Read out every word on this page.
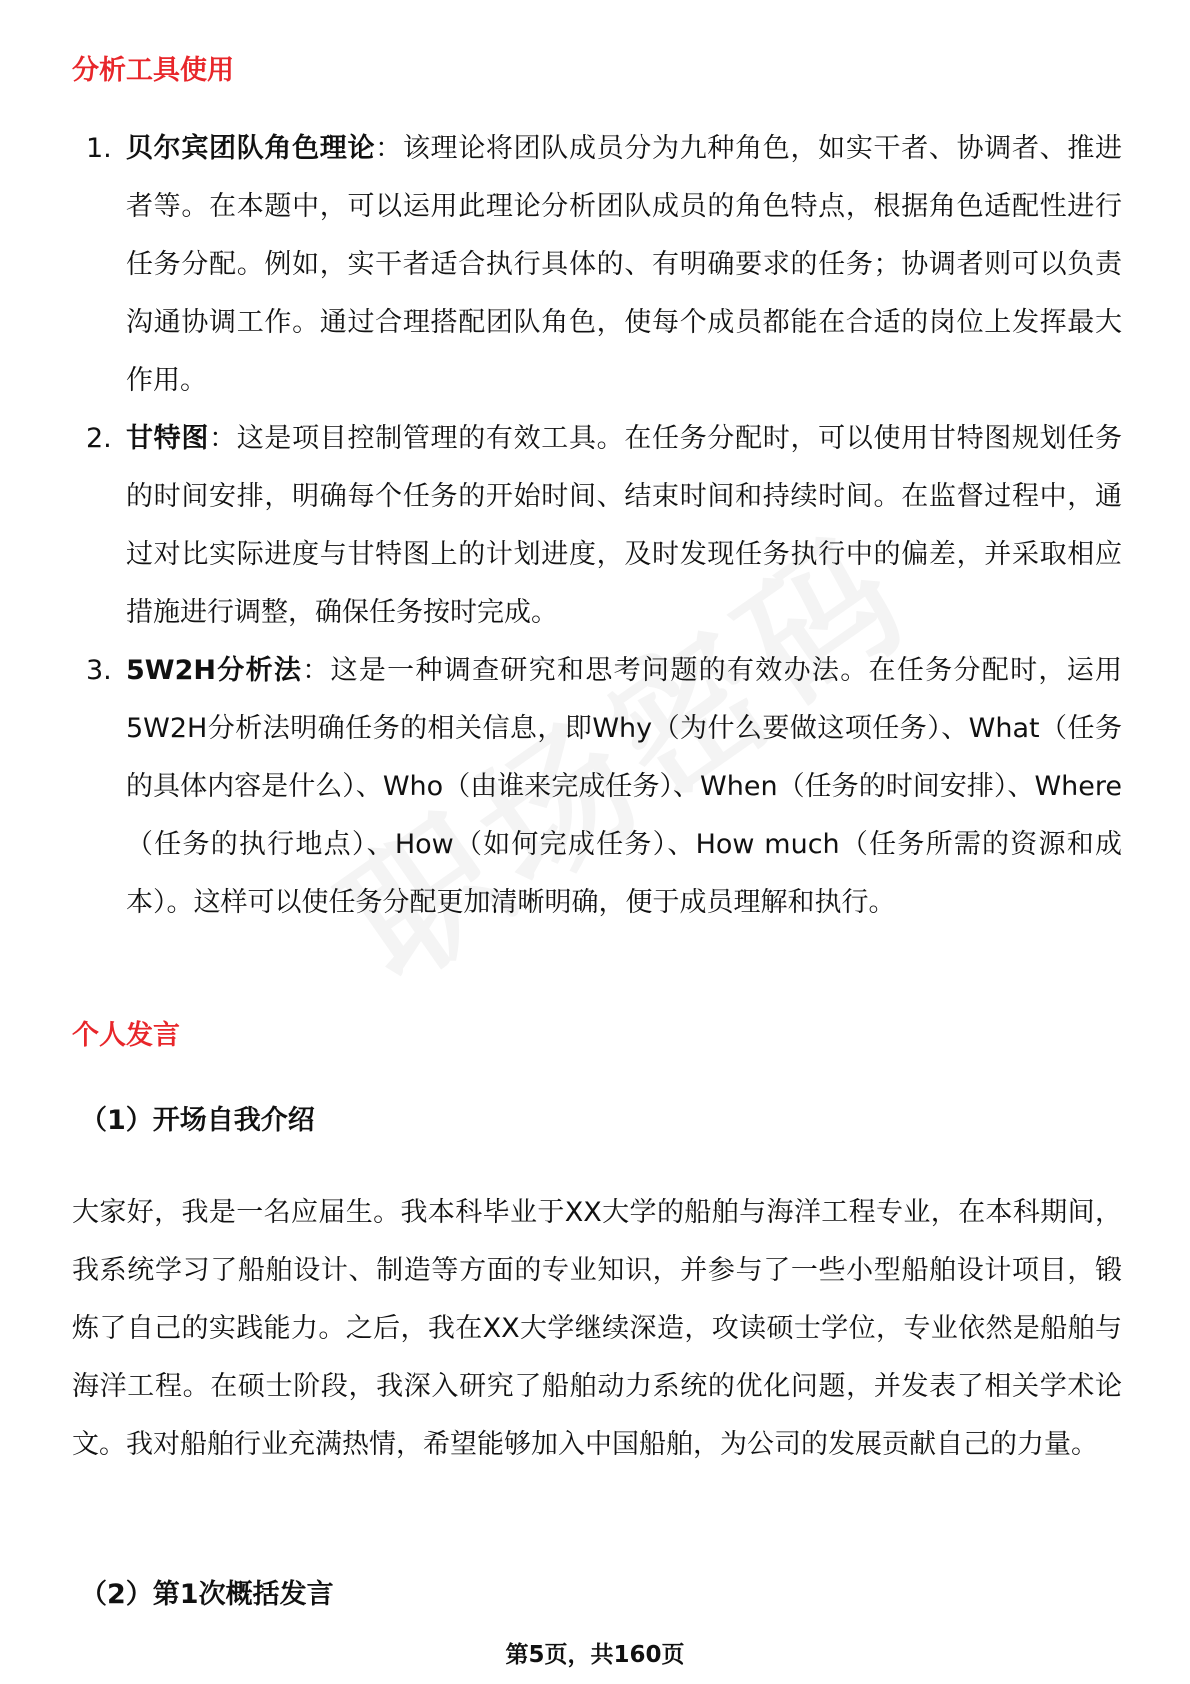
分析工具使用
1. 贝尔宾团队角色理论：该理论将团队成员分为九种角色，如实干者、协调者、推进者等。在本题中，可以运用此理论分析团队成员的角色特点，根据角色适配性进行任务分配。例如，实干者适合执行具体的、有明确要求的任务；协调者则可以负责沟通协调工作。通过合理搭配团队角色，使每个成员都能在合适的岗位上发挥最大作用。
2. 甘特图：这是项目控制管理的有效工具。在任务分配时，可以使用甘特图规划任务的时间安排，明确每个任务的开始时间、结束时间和持续时间。在监督过程中，通过对比实际进度与甘特图上的计划进度，及时发现任务执行中的偏差，并采取相应措施进行调整，确保任务按时完成。
3. 5W2H分析法：这是一种调查研究和思考问题的有效办法。在任务分配时，运用5W2H分析法明确任务的相关信息，即Why（为什么要做这项任务）、What（任务的具体内容是什么）、Who（由谁来完成任务）、When（任务的时间安排）、Where（任务的执行地点）、How（如何完成任务）、How much（任务所需的资源和成本）。这样可以使任务分配更加清晰明确，便于成员理解和执行。
个人发言
（1）开场自我介绍
大家好，我是一名应届生。我本科毕业于XX大学的船舶与海洋工程专业，在本科期间，我系统学习了船舶设计、制造等方面的专业知识，并参与了一些小型船舶设计项目，锻炼了自己的实践能力。之后，我在XX大学继续深造，攻读硕士学位，专业依然是船舶与海洋工程。在硕士阶段，我深入研究了船舶动力系统的优化问题，并发表了相关学术论文。我对船舶行业充满热情，希望能够加入中国船舶，为公司的发展贡献自己的力量。
（2）第1次概括发言
第5页，共160页
